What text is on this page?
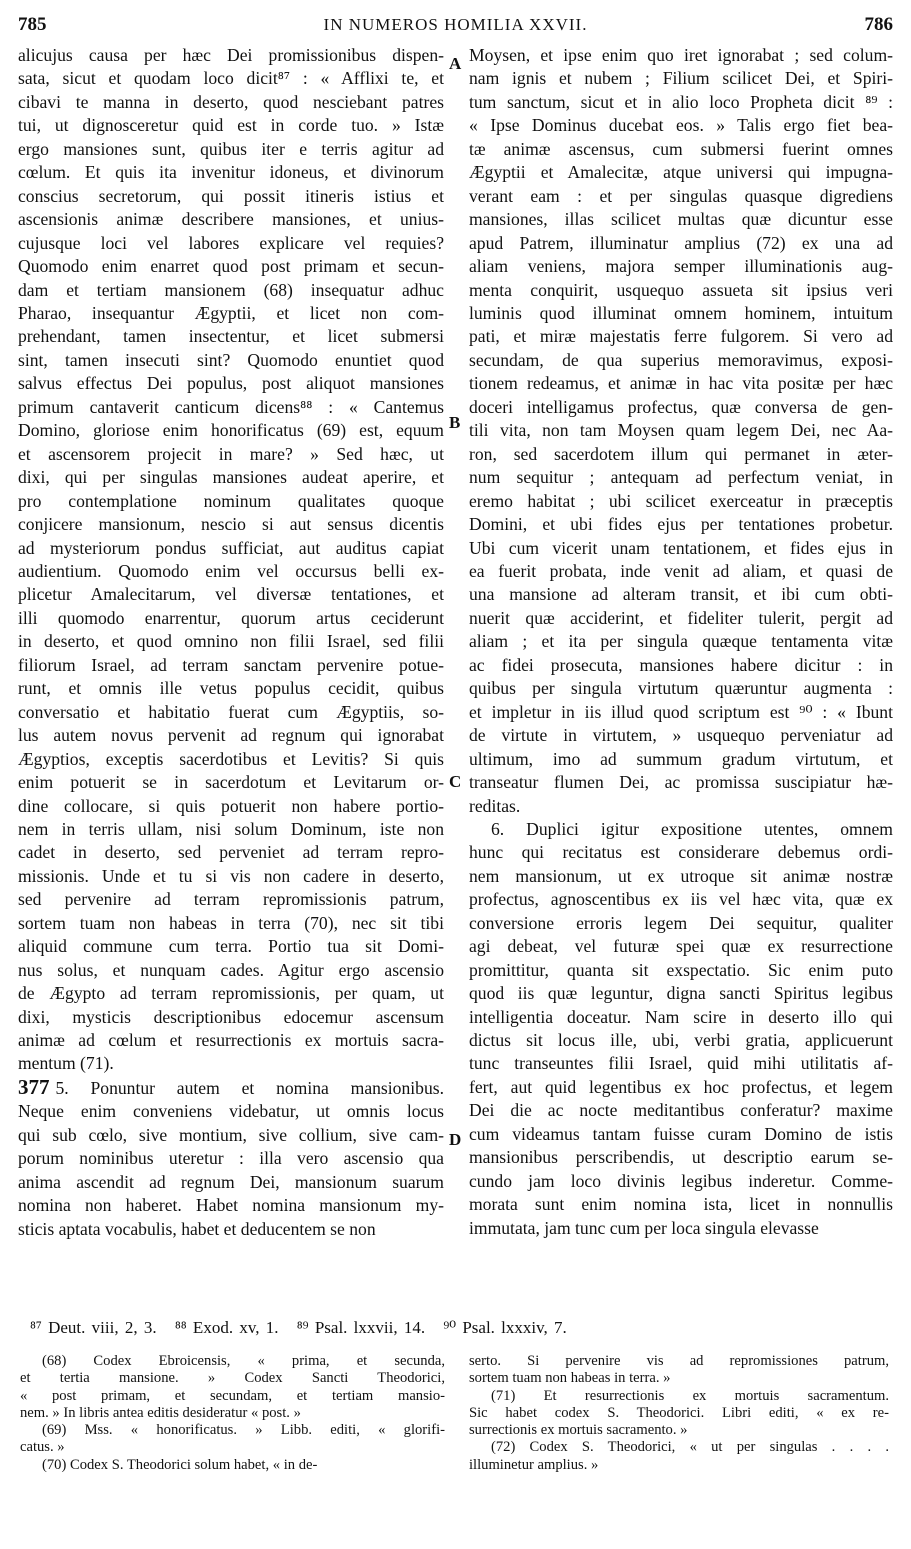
785	IN NUMEROS HOMILIA XXVII.	786
alicujus causa per hæc Dei promissionibus dispen-
sata, sicut et quodam loco dicit⁸⁷ : « Afflixi te, et
cibavi te manna in deserto, quod nesciebant patres
tui, ut dignosceretur quid est in corde tuo. » Istæ
ergo mansiones sunt, quibus iter e terris agitur ad
cœlum. Et quis ita invenitur idoneus, et divinorum
conscius secretorum, qui possit itineris istius et
ascensionis animæ describere mansiones, et unius-
cujusque loci vel labores explicare vel requies?
Quomodo enim enarret quod post primam et secun-
dam et tertiam mansionem (68) insequatur adhuc
Pharao, insequantur Ægyptii, et licet non com-
prehendant, tamen insectentur, et licet submersi
sint, tamen insecuti sint? Quomodo enuntiet quod
salvus effectus Dei populus, post aliquot mansiones
primum cantaverit canticum dicens⁸⁸ : « Cantemus
Domino, gloriose enim honorificatus (69) est, equum
et ascensorem projecit in mare? » Sed hæc, ut
dixi, qui per singulas mansiones audeat aperire, et
pro contemplatione nominum qualitates quoque
conjicere mansionum, nescio si aut sensus dicentis
ad mysteriorum pondus sufficiat, aut auditus capiat
audientium. Quomodo enim vel occursus belli ex-
plicetur Amalecitarum, vel diversæ tentationes, et
illi quomodo enarrentur, quorum artus ceciderunt
in deserto, et quod omnino non filii Israel, sed filii
filiorum Israel, ad terram sanctam pervenire potue-
runt, et omnis ille vetus populus cecidit, quibus
conversatio et habitatio fuerat cum Ægyptiis, so-
lus autem novus pervenit ad regnum qui ignorabat
Ægyptios, exceptis sacerdotibus et Levitis? Si quis
enim potuerit se in sacerdotum et Levitarum or-
dine collocare, si quis potuerit non habere portio-
nem in terris ullam, nisi solum Dominum, iste non
cadet in deserto, sed perveniet ad terram repro-
missionis. Unde et tu si vis non cadere in deserto,
sed pervenire ad terram repromissionis patrum,
sortem tuam non habeas in terra (70), nec sit tibi
aliquid commune cum terra. Portio tua sit Domi-
nus solus, et nunquam cades. Agitur ergo ascensio
de Ægypto ad terram repromissionis, per quam, ut
dixi, mysticis descriptionibus edocemur ascensum
animæ ad cœlum et resurrectionis ex mortuis sacra-
mentum (71).
377 5. Ponuntur autem et nomina mansionibus.
Neque enim conveniens videbatur, ut omnis locus
qui sub cœlo, sive montium, sive collium, sive cam-
porum nominibus uteretur : illa vero ascensio qua
anima ascendit ad regnum Dei, mansionum suarum
nomina non haberet. Habet nomina mansionum my-
sticis aptata vocabulis, habet et deducentem se non
Moysen, et ipse enim quo iret ignorabat ; sed colum-
nam ignis et nubem ; Filium scilicet Dei, et Spiri-
tum sanctum, sicut et in alio loco Propheta dicit ⁸⁹ :
« Ipse Dominus ducebat eos. » Talis ergo fiet bea-
tæ animæ ascensus, cum submersi fuerint omnes
Ægyptii et Amalecitæ, atque universi qui impugna-
verant eam : et per singulas quasque digrediens
mansiones, illas scilicet multas quæ dicuntur esse
apud Patrem, illuminatur amplius (72) ex una ad
aliam veniens, majora semper illuminationis aug-
menta conquirit, usquequo assueta sit ipsius veri
luminis quod illuminat omnem hominem, intuitum
pati, et miræ majestatis ferre fulgorem. Si vero ad
secundam, de qua superius memoravimus, exposi-
tionem redeamus, et animæ in hac vita positæ per hæc
doceri intelligamus profectus, quæ conversa de gen-
tili vita, non tam Moysen quam legem Dei, nec Aa-
ron, sed sacerdotem illum qui permanet in æter-
num sequitur ; antequam ad perfectum veniat, in
eremo habitat ; ubi scilicet exerceatur in præceptis
Domini, et ubi fides ejus per tentationes probetur.
Ubi cum vicerit unam tentationem, et fides ejus in
ea fuerit probata, inde venit ad aliam, et quasi de
una mansione ad alteram transit, et ibi cum obti-
nuerit quæ acciderint, et fideliter tulerit, pergit ad
aliam ; et ita per singula quæque tentamenta vitæ
ac fidei prosecuta, mansiones habere dicitur : in
quibus per singula virtutum quæruntur augmenta :
et impletur in iis illud quod scriptum est ⁹⁰ : « Ibunt
de virtute in virtutem, » usquequo perveniatur ad
ultimum, imo ad summum gradum virtutum, et
transeatur flumen Dei, ac promissa suscipiatur hæ-
reditas.
6. Duplici igitur expositione utentes, omnem
hunc qui recitatus est considerare debemus ordi-
nem mansionum, ut ex utroque sit animæ nostræ
profectus, agnoscentibus ex iis vel hæc vita, quæ ex
conversione erroris legem Dei sequitur, qualiter
agi debeat, vel futuræ spei quæ ex resurrectione
promittitur, quanta sit exspectatio. Sic enim puto
quod iis quæ leguntur, digna sancti Spiritus legibus
intelligentia doceatur. Nam scire in deserto illo qui
dictus sit locus ille, ubi, verbi gratia, applicuerunt
tunc transeuntes filii Israel, quid mihi utilitatis af-
fert, aut quid legentibus ex hoc profectus, et legem
Dei die ac nocte meditantibus conferatur? maxime
cum videamus tantam fuisse curam Domino de istis
mansionibus perscribendis, ut descriptio earum se-
cundo jam loco divinis legibus inderetur. Comme-
morata sunt enim nomina ista, licet in nonnullis
immutata, jam tunc cum per loca singula elevasse
A
B
C
D
⁸⁷ Deut. viii, 2, 3. ⁸⁸ Exod. xv, 1. ⁸⁹ Psal. lxxvii, 14. ⁹⁰ Psal. lxxxiv, 7.
(68) Codex Ebroicensis, « prima, et secunda,
et tertia mansione. » Codex Sancti Theodorici,
« post primam, et secundam, et tertiam mansio-
nem. » In libris antea editis desideratur « post. »
(69) Mss. « honorificatus. » Libb. editi, « glorifi-
catus. »
(70) Codex S. Theodorici solum habet, « in de-
serto. Si pervenire vis ad repromissiones patrum,
sortem tuam non habeas in terra. »
(71) Et resurrectionis ex mortuis sacramentum.
Sic habet codex S. Theodorici. Libri editi, « ex re-
surrectionis ex mortuis sacramento. »
(72) Codex S. Theodorici, « ut per singulas . . . .
illuminetur amplius. »
